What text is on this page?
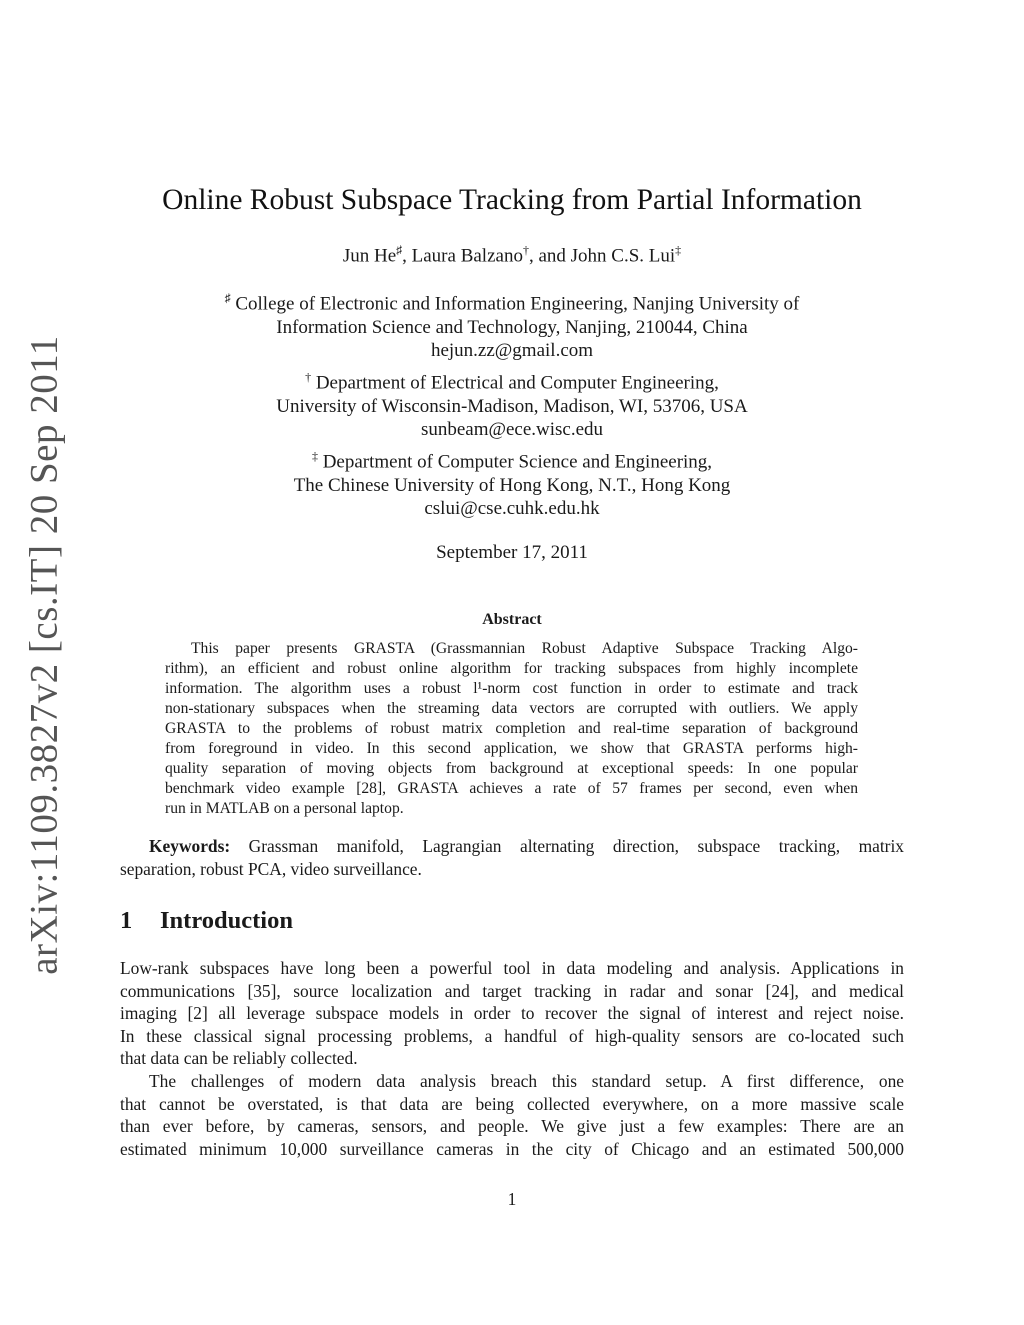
arXiv:1109.3827v2 [cs.IT] 20 Sep 2011
Online Robust Subspace Tracking from Partial Information
Jun He♯, Laura Balzano†, and John C.S. Lui‡
♯ College of Electronic and Information Engineering, Nanjing University of
Information Science and Technology, Nanjing, 210044, China
hejun.zz@gmail.com
† Department of Electrical and Computer Engineering,
University of Wisconsin-Madison, Madison, WI, 53706, USA
sunbeam@ece.wisc.edu
‡ Department of Computer Science and Engineering,
The Chinese University of Hong Kong, N.T., Hong Kong
cslui@cse.cuhk.edu.hk
September 17, 2011
Abstract
This paper presents GRASTA (Grassmannian Robust Adaptive Subspace Tracking Algo-
rithm), an efficient and robust online algorithm for tracking subspaces from highly incomplete
information. The algorithm uses a robust l¹-norm cost function in order to estimate and track
non-stationary subspaces when the streaming data vectors are corrupted with outliers. We apply
GRASTA to the problems of robust matrix completion and real-time separation of background
from foreground in video. In this second application, we show that GRASTA performs high-
quality separation of moving objects from background at exceptional speeds: In one popular
benchmark video example [28], GRASTA achieves a rate of 57 frames per second, even when
run in MATLAB on a personal laptop.
Keywords: Grassman manifold, Lagrangian alternating direction, subspace tracking, matrix
separation, robust PCA, video surveillance.
1 Introduction
Low-rank subspaces have long been a powerful tool in data modeling and analysis. Applications in
communications [35], source localization and target tracking in radar and sonar [24], and medical
imaging [2] all leverage subspace models in order to recover the signal of interest and reject noise.
In these classical signal processing problems, a handful of high-quality sensors are co-located such
that data can be reliably collected.
The challenges of modern data analysis breach this standard setup. A first difference, one
that cannot be overstated, is that data are being collected everywhere, on a more massive scale
than ever before, by cameras, sensors, and people. We give just a few examples: There are an
estimated minimum 10,000 surveillance cameras in the city of Chicago and an estimated 500,000
1
